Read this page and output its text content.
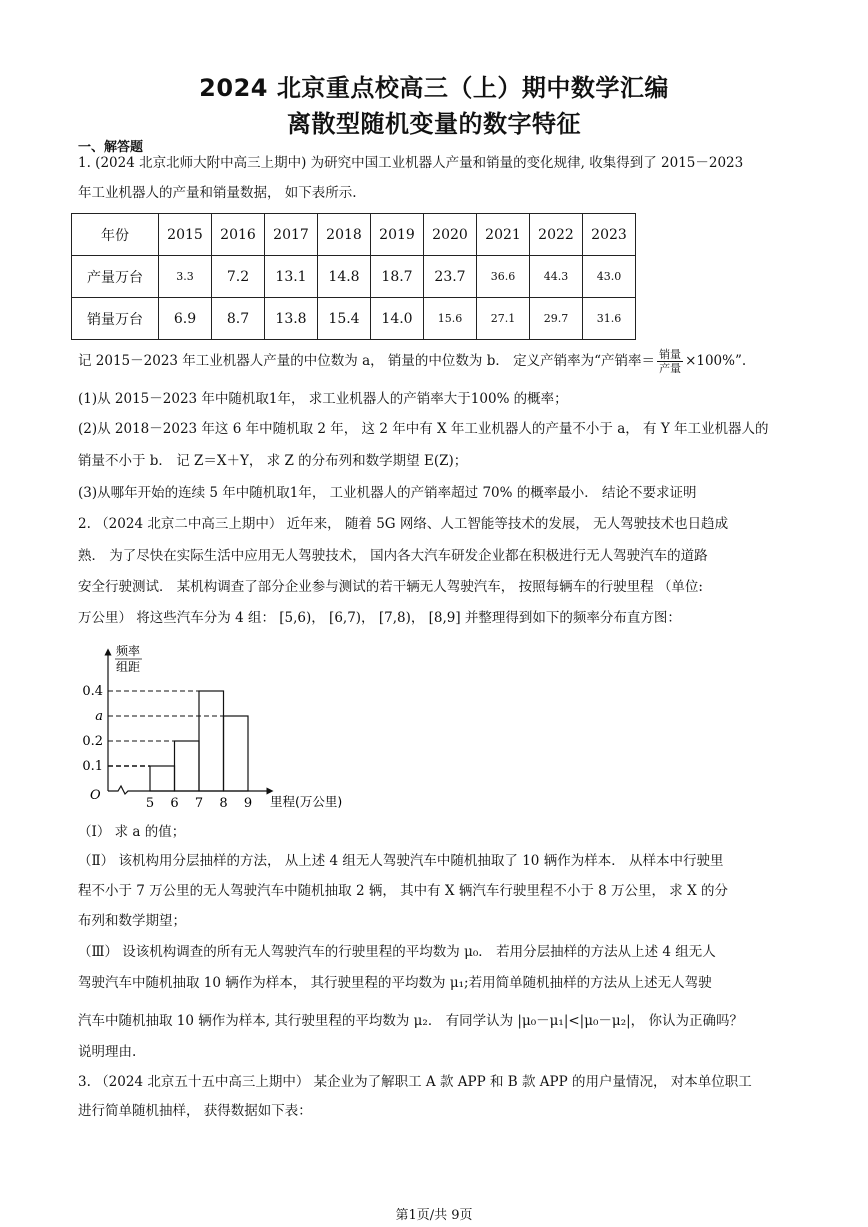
2024 北京重点校高三（上）期中数学汇编
离散型随机变量的数字特征
一、解答题
1. (2024 北京北师大附中高三上期中) 为研究中国工业机器人产量和销量的变化规律, 收集得到了 2015－2023
年工业机器人的产量和销量数据， 如下表所示.
年份	2015	2016	2017	2018	2019	2020	2021	2022	2023
产量万台	3.3	7.2	13.1	14.8	18.7	23.7	36.6	44.3	43.0
销量万台	6.9	8.7	13.8	15.4	14.0	15.6	27.1	29.7	31.6
记 2015－2023 年工业机器人产量的中位数为 a， 销量的中位数为 b． 定义产销率为“产销率＝ $\frac{\text{销量}}{\text{产量}} \times 100\%$”.
(1)从 2015－2023 年中随机取1年， 求工业机器人的产销率大于100% 的概率；
(2)从 2018－2023 年这 6 年中随机取 2 年， 这 2 年中有 X 年工业机器人的产量不小于 a， 有 Y 年工业机器人的
销量不小于 b． 记 Z＝X＋Y， 求 Z 的分布列和数学期望 E(Z)；
(3)从哪年开始的连续 5 年中随机取1年， 工业机器人的产销率超过 70% 的概率最小． 结论不要求证明
2. （2024 北京二中高三上期中） 近年来， 随着 5G 网络、人工智能等技术的发展， 无人驾驶技术也日趋成
熟． 为了尽快在实际生活中应用无人驾驶技术， 国内各大汽车研发企业都在积极进行无人驾驶汽车的道路
安全行驶测试． 某机构调查了部分企业参与测试的若干辆无人驾驶汽车， 按照每辆车的行驶里程 （单位:
万公里） 将这些汽车分为 4 组： [5,6)， [6,7)， [7,8)， [8,9] 并整理得到如下的频率分布直方图：
频率
组距
里程(万公里)
O
0.1
0.2
a
0.4
5 6 7 8 9
（I） 求 a 的值；
（Ⅱ） 该机构用分层抽样的方法， 从上述 4 组无人驾驶汽车中随机抽取了 10 辆作为样本． 从样本中行驶里
程不小于 7 万公里的无人驾驶汽车中随机抽取 2 辆， 其中有 X 辆汽车行驶里程不小于 8 万公里， 求 X 的分
布列和数学期望；
（Ⅲ） 设该机构调查的所有无人驾驶汽车的行驶里程的平均数为 μ₀． 若用分层抽样的方法从上述 4 组无人
驾驶汽车中随机抽取 10 辆作为样本， 其行驶里程的平均数为 μ₁;若用简单随机抽样的方法从上述无人驾驶
汽车中随机抽取 10 辆作为样本, 其行驶里程的平均数为 μ₂． 有同学认为 |μ₀－μ₁|<|μ₀－μ₂|， 你认为正确吗？
说明理由.
3. （2024 北京五十五中高三上期中） 某企业为了解职工 A 款 APP 和 B 款 APP 的用户量情况， 对本单位职工
进行简单随机抽样， 获得数据如下表：
第1页/共 9页
